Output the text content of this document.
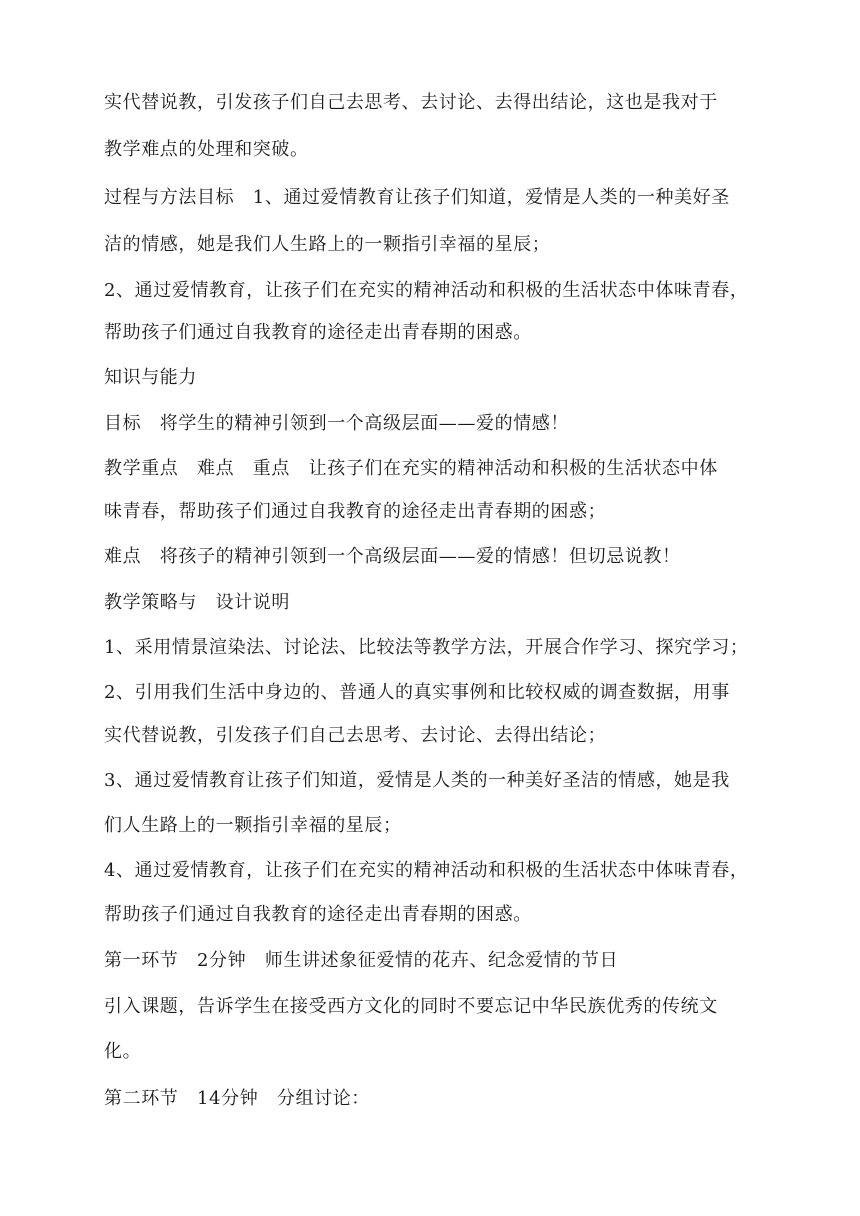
实代替说教，引发孩子们自己去思考、去讨论、去得出结论，这也是我对于
教学难点的处理和突破。
过程与方法目标　1、通过爱情教育让孩子们知道，爱情是人类的一种美好圣
洁的情感，她是我们人生路上的一颗指引幸福的星辰；
2、通过爱情教育，让孩子们在充实的精神活动和积极的生活状态中体味青春，
帮助孩子们通过自我教育的途径走出青春期的困惑。
知识与能力
目标　将学生的精神引领到一个高级层面——爱的情感！
教学重点　难点　重点　让孩子们在充实的精神活动和积极的生活状态中体
味青春，帮助孩子们通过自我教育的途径走出青春期的困惑；
难点　将孩子的精神引领到一个高级层面——爱的情感！但切忌说教！
教学策略与　设计说明
1、采用情景渲染法、讨论法、比较法等教学方法，开展合作学习、探究学习；
2、引用我们生活中身边的、普通人的真实事例和比较权威的调查数据，用事
实代替说教，引发孩子们自己去思考、去讨论、去得出结论；
3、通过爱情教育让孩子们知道，爱情是人类的一种美好圣洁的情感，她是我
们人生路上的一颗指引幸福的星辰；
4、通过爱情教育，让孩子们在充实的精神活动和积极的生活状态中体味青春，
帮助孩子们通过自我教育的途径走出青春期的困惑。
第一环节　2分钟　师生讲述象征爱情的花卉、纪念爱情的节日
引入课题，告诉学生在接受西方文化的同时不要忘记中华民族优秀的传统文
化。
第二环节　14分钟　分组讨论：
